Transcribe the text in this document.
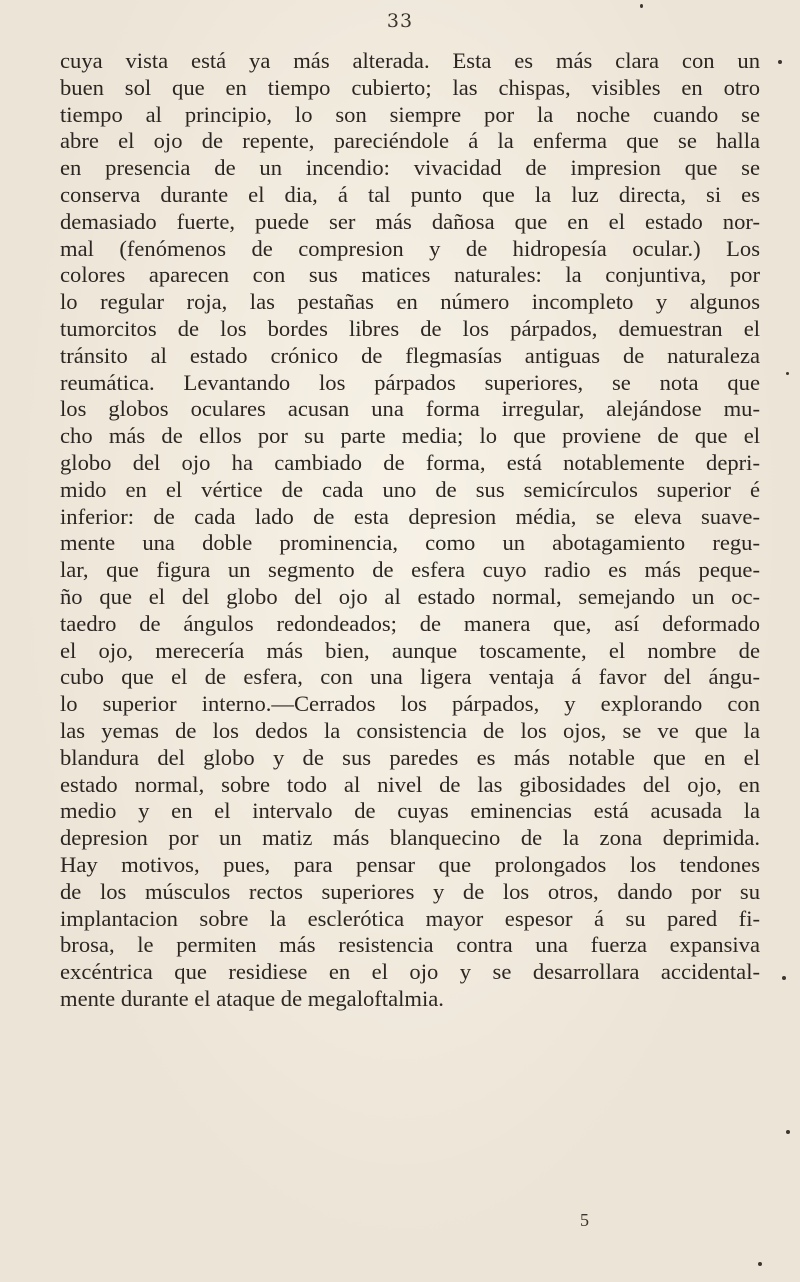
33
cuya vista está ya más alterada. Esta es más clara con un
buen sol que en tiempo cubierto; las chispas, visibles en otro
tiempo al principio, lo son siempre por la noche cuando se
abre el ojo de repente, pareciéndole á la enferma que se halla
en presencia de un incendio: vivacidad de impresion que se
conserva durante el dia, á tal punto que la luz directa, si es
demasiado fuerte, puede ser más dañosa que en el estado nor-
mal (fenómenos de compresion y de hidropesía ocular.) Los
colores aparecen con sus matices naturales: la conjuntiva, por
lo regular roja, las pestañas en número incompleto y algunos
tumorcitos de los bordes libres de los párpados, demuestran el
tránsito al estado crónico de flegmasías antiguas de naturaleza
reumática. Levantando los párpados superiores, se nota que
los globos oculares acusan una forma irregular, alejándose mu-
cho más de ellos por su parte media; lo que proviene de que el
globo del ojo ha cambiado de forma, está notablemente depri-
mido en el vértice de cada uno de sus semicírculos superior é
inferior: de cada lado de esta depresion média, se eleva suave-
mente una doble prominencia, como un abotagamiento regu-
lar, que figura un segmento de esfera cuyo radio es más peque-
ño que el del globo del ojo al estado normal, semejando un oc-
taedro de ángulos redondeados; de manera que, así deformado
el ojo, merecería más bien, aunque toscamente, el nombre de
cubo que el de esfera, con una ligera ventaja á favor del ángu-
lo superior interno.—Cerrados los párpados, y explorando con
las yemas de los dedos la consistencia de los ojos, se ve que la
blandura del globo y de sus paredes es más notable que en el
estado normal, sobre todo al nivel de las gibosidades del ojo, en
medio y en el intervalo de cuyas eminencias está acusada la
depresion por un matiz más blanquecino de la zona deprimida.
Hay motivos, pues, para pensar que prolongados los tendones
de los músculos rectos superiores y de los otros, dando por su
implantacion sobre la esclerótica mayor espesor á su pared fi-
brosa, le permiten más resistencia contra una fuerza expansiva
excéntrica que residiese en el ojo y se desarrollara accidental-
mente durante el ataque de megaloftalmia.
5
